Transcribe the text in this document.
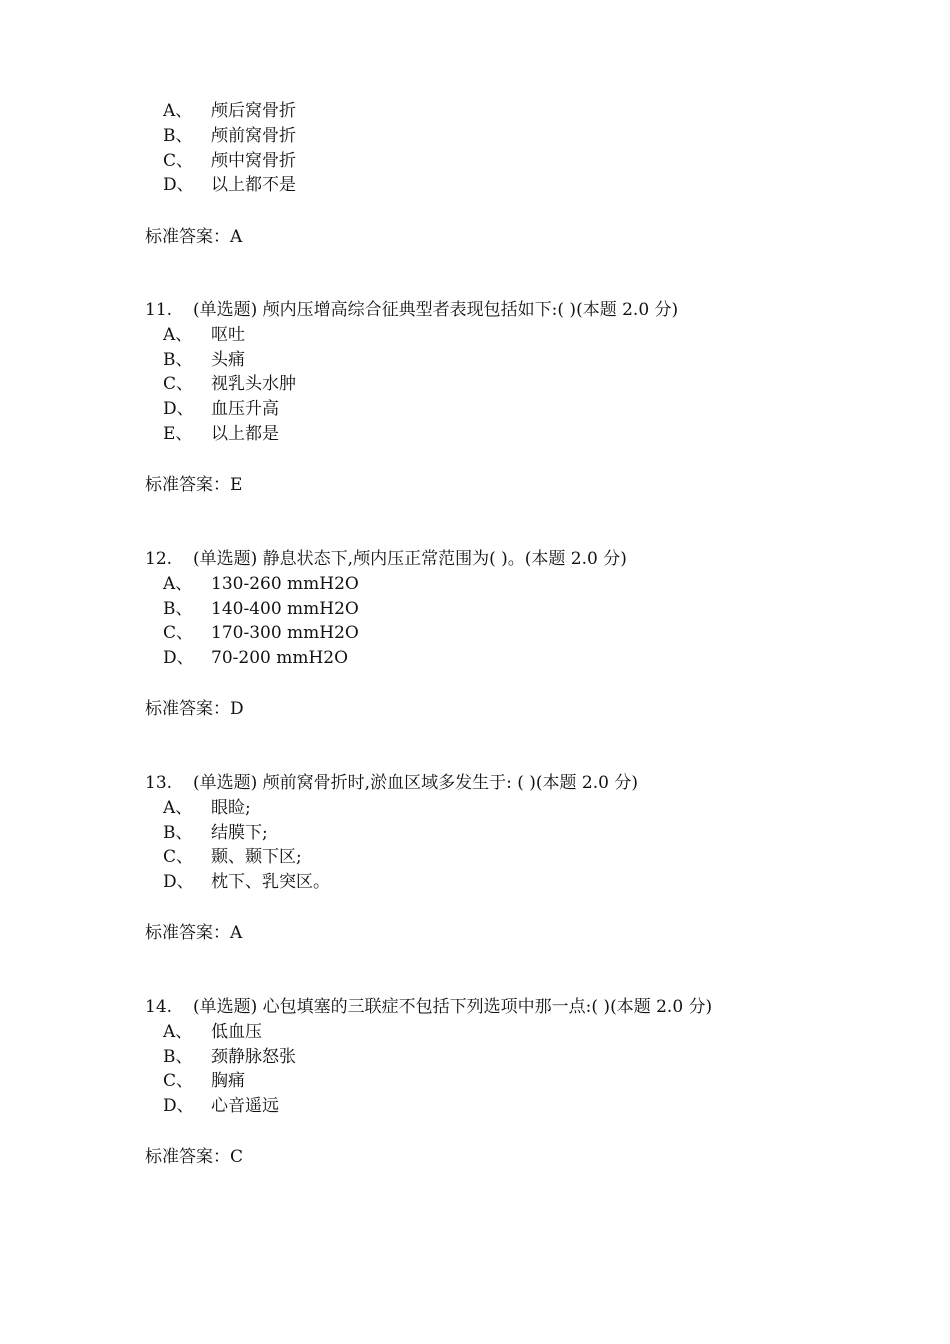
A、 颅后窝骨折
B、 颅前窝骨折
C、 颅中窝骨折
D、 以上都不是
标准答案：A
11. (单选题) 颅内压增高综合征典型者表现包括如下:( )(本题 2.0 分)
A、 呕吐
B、 头痛
C、 视乳头水肿
D、 血压升高
E、 以上都是
标准答案：E
12. (单选题) 静息状态下,颅内压正常范围为( )。(本题 2.0 分)
A、 130-260 mmH2O
B、 140-400 mmH2O
C、 170-300 mmH2O
D、 70-200 mmH2O
标准答案：D
13. (单选题) 颅前窝骨折时,淤血区域多发生于: ( )(本题 2.0 分)
A、 眼睑;
B、 结膜下;
C、 颞、颞下区;
D、 枕下、乳突区。
标准答案：A
14. (单选题) 心包填塞的三联症不包括下列选项中那一点:( )(本题 2.0 分)
A、 低血压
B、 颈静脉怒张
C、 胸痛
D、 心音遥远
标准答案：C
